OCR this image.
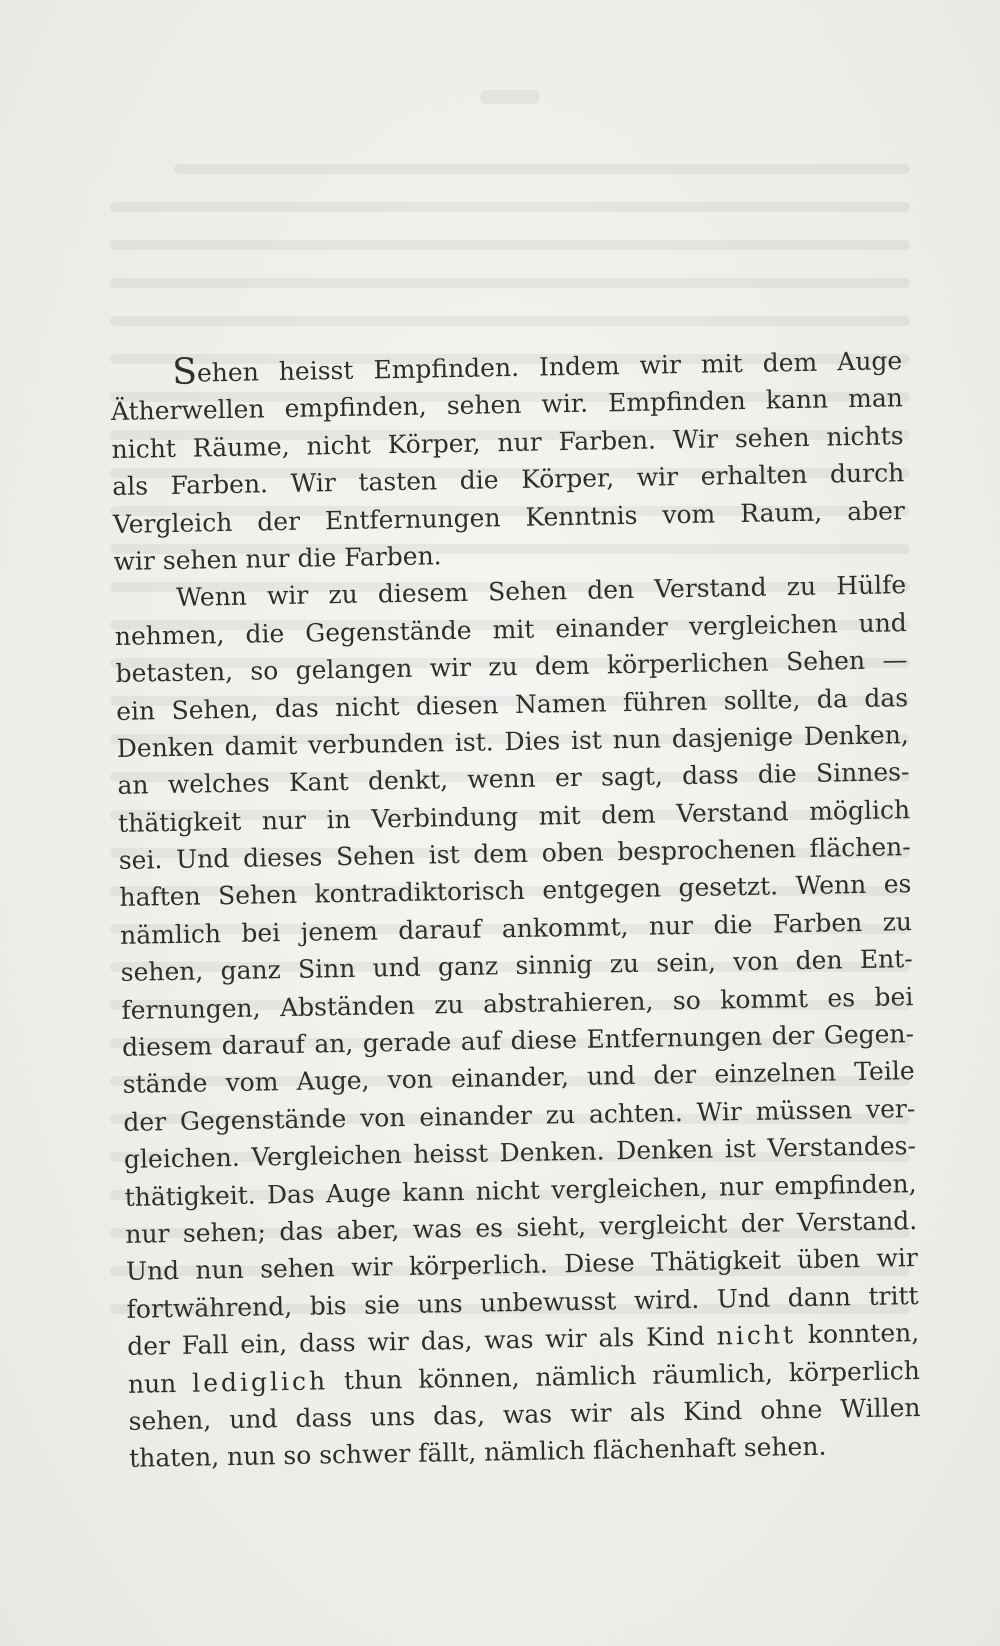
Sehen heisst Empfinden. Indem wir mit dem Auge
Ätherwellen empfinden, sehen wir. Empfinden kann man
nicht Räume, nicht Körper, nur Farben. Wir sehen nichts
als Farben. Wir tasten die Körper, wir erhalten durch
Vergleich der Entfernungen Kenntnis vom Raum, aber
wir sehen nur die Farben.
Wenn wir zu diesem Sehen den Verstand zu Hülfe
nehmen, die Gegenstände mit einander vergleichen und
betasten, so gelangen wir zu dem körperlichen Sehen —
ein Sehen, das nicht diesen Namen führen sollte, da das
Denken damit verbunden ist. Dies ist nun dasjenige Denken,
an welches Kant denkt, wenn er sagt, dass die Sinnes-
thätigkeit nur in Verbindung mit dem Verstand möglich
sei. Und dieses Sehen ist dem oben besprochenen flächen-
haften Sehen kontradiktorisch entgegen gesetzt. Wenn es
nämlich bei jenem darauf ankommt, nur die Farben zu
sehen, ganz Sinn und ganz sinnig zu sein, von den Ent-
fernungen, Abständen zu abstrahieren, so kommt es bei
diesem darauf an, gerade auf diese Entfernungen der Gegen-
stände vom Auge, von einander, und der einzelnen Teile
der Gegenstände von einander zu achten. Wir müssen ver-
gleichen. Vergleichen heisst Denken. Denken ist Verstandes-
thätigkeit. Das Auge kann nicht vergleichen, nur empfinden,
nur sehen; das aber, was es sieht, vergleicht der Verstand.
Und nun sehen wir körperlich. Diese Thätigkeit üben wir
fortwährend, bis sie uns unbewusst wird. Und dann tritt
der Fall ein, dass wir das, was wir als Kind nicht konnten,
nun lediglich thun können, nämlich räumlich, körperlich
sehen, und dass uns das, was wir als Kind ohne Willen
thaten, nun so schwer fällt, nämlich flächenhaft sehen.
